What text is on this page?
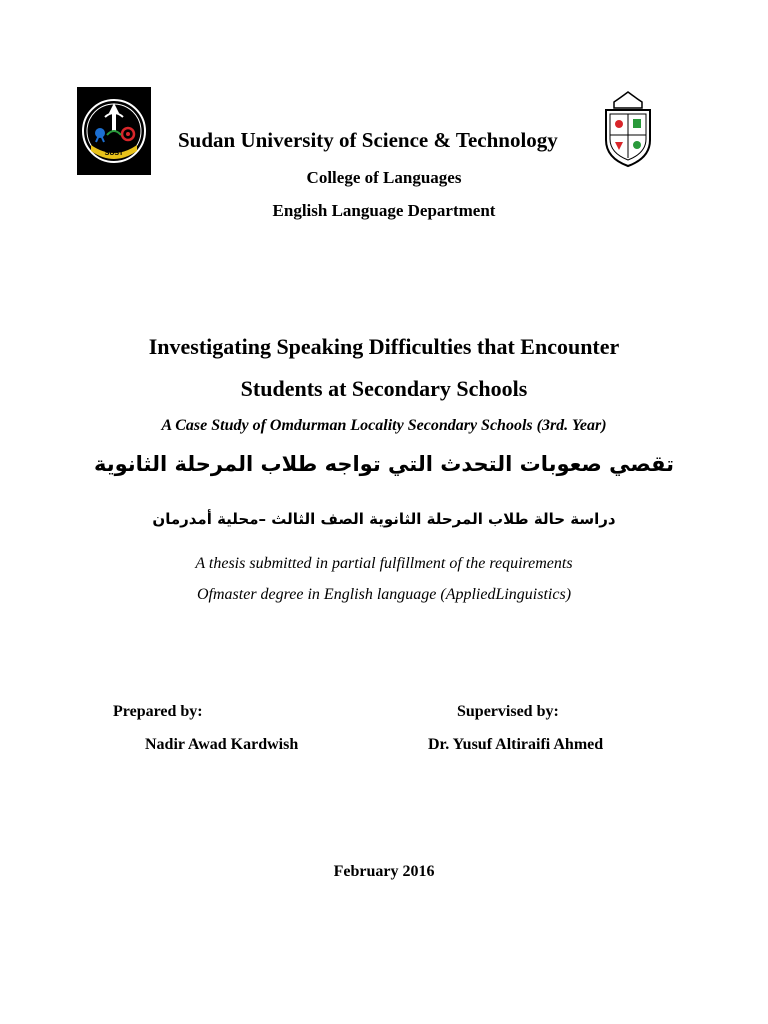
SUST
Sudan University of Science & Technology
College of Languages
English Language Department
Investigating Speaking Difficulties that Encounter
Students at Secondary Schools
A Case Study of Omdurman Locality Secondary Schools (3rd. Year)
تقصي صعوبات التحدث التي تواجه طلاب المرحلة الثانوية
دراسة حالة طلاب المرحلة الثانوية الصف الثالث –محلية أمدرمان
A thesis submitted in partial fulfillment of the requirements
Ofmaster degree in English language (AppliedLinguistics)
Prepared by:
Nadir Awad Kardwish
Supervised by:
Dr. Yusuf Altiraifi Ahmed
February 2016
